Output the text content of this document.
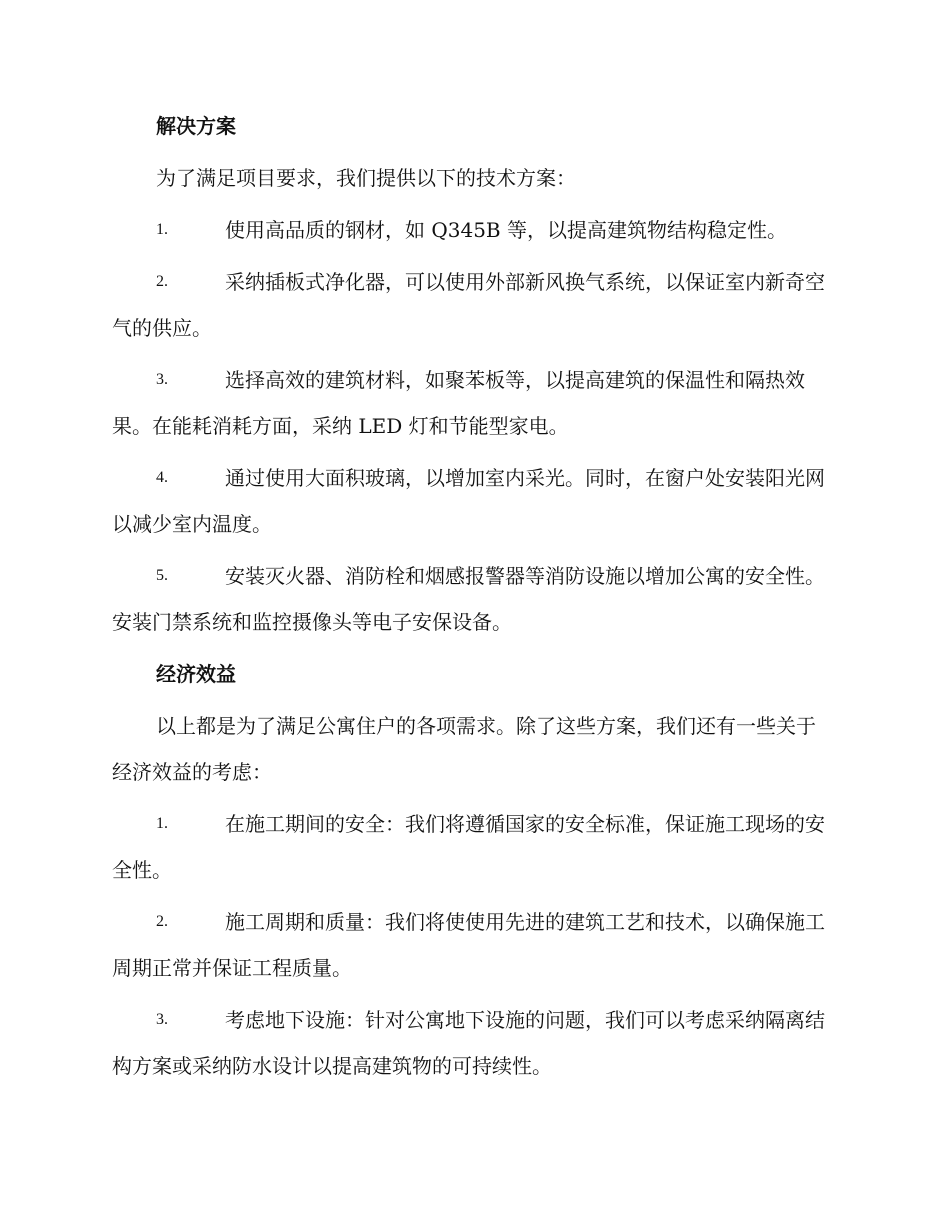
解决方案

为了满足项目要求，我们提供以下的技术方案：

1.	使用高品质的钢材，如 Q345B 等，以提高建筑物结构稳定性。

2.	采纳插板式净化器，可以使用外部新风换气系统，以保证室内新奇空气的供应。

3.	选择高效的建筑材料，如聚苯板等，以提高建筑的保温性和隔热效果。在能耗消耗方面，采纳 LED 灯和节能型家电。

4.	通过使用大面积玻璃，以增加室内采光。同时，在窗户处安装阳光网以减少室内温度。

5.	安装灭火器、消防栓和烟感报警器等消防设施以增加公寓的安全性。安装门禁系统和监控摄像头等电子安保设备。

经济效益

以上都是为了满足公寓住户的各项需求。除了这些方案，我们还有一些关于经济效益的考虑：

1.	在施工期间的安全：我们将遵循国家的安全标准，保证施工现场的安全性。

2.	施工周期和质量：我们将使使用先进的建筑工艺和技术，以确保施工周期正常并保证工程质量。

3.	考虑地下设施：针对公寓地下设施的问题，我们可以考虑采纳隔离结构方案或采纳防水设计以提高建筑物的可持续性。
